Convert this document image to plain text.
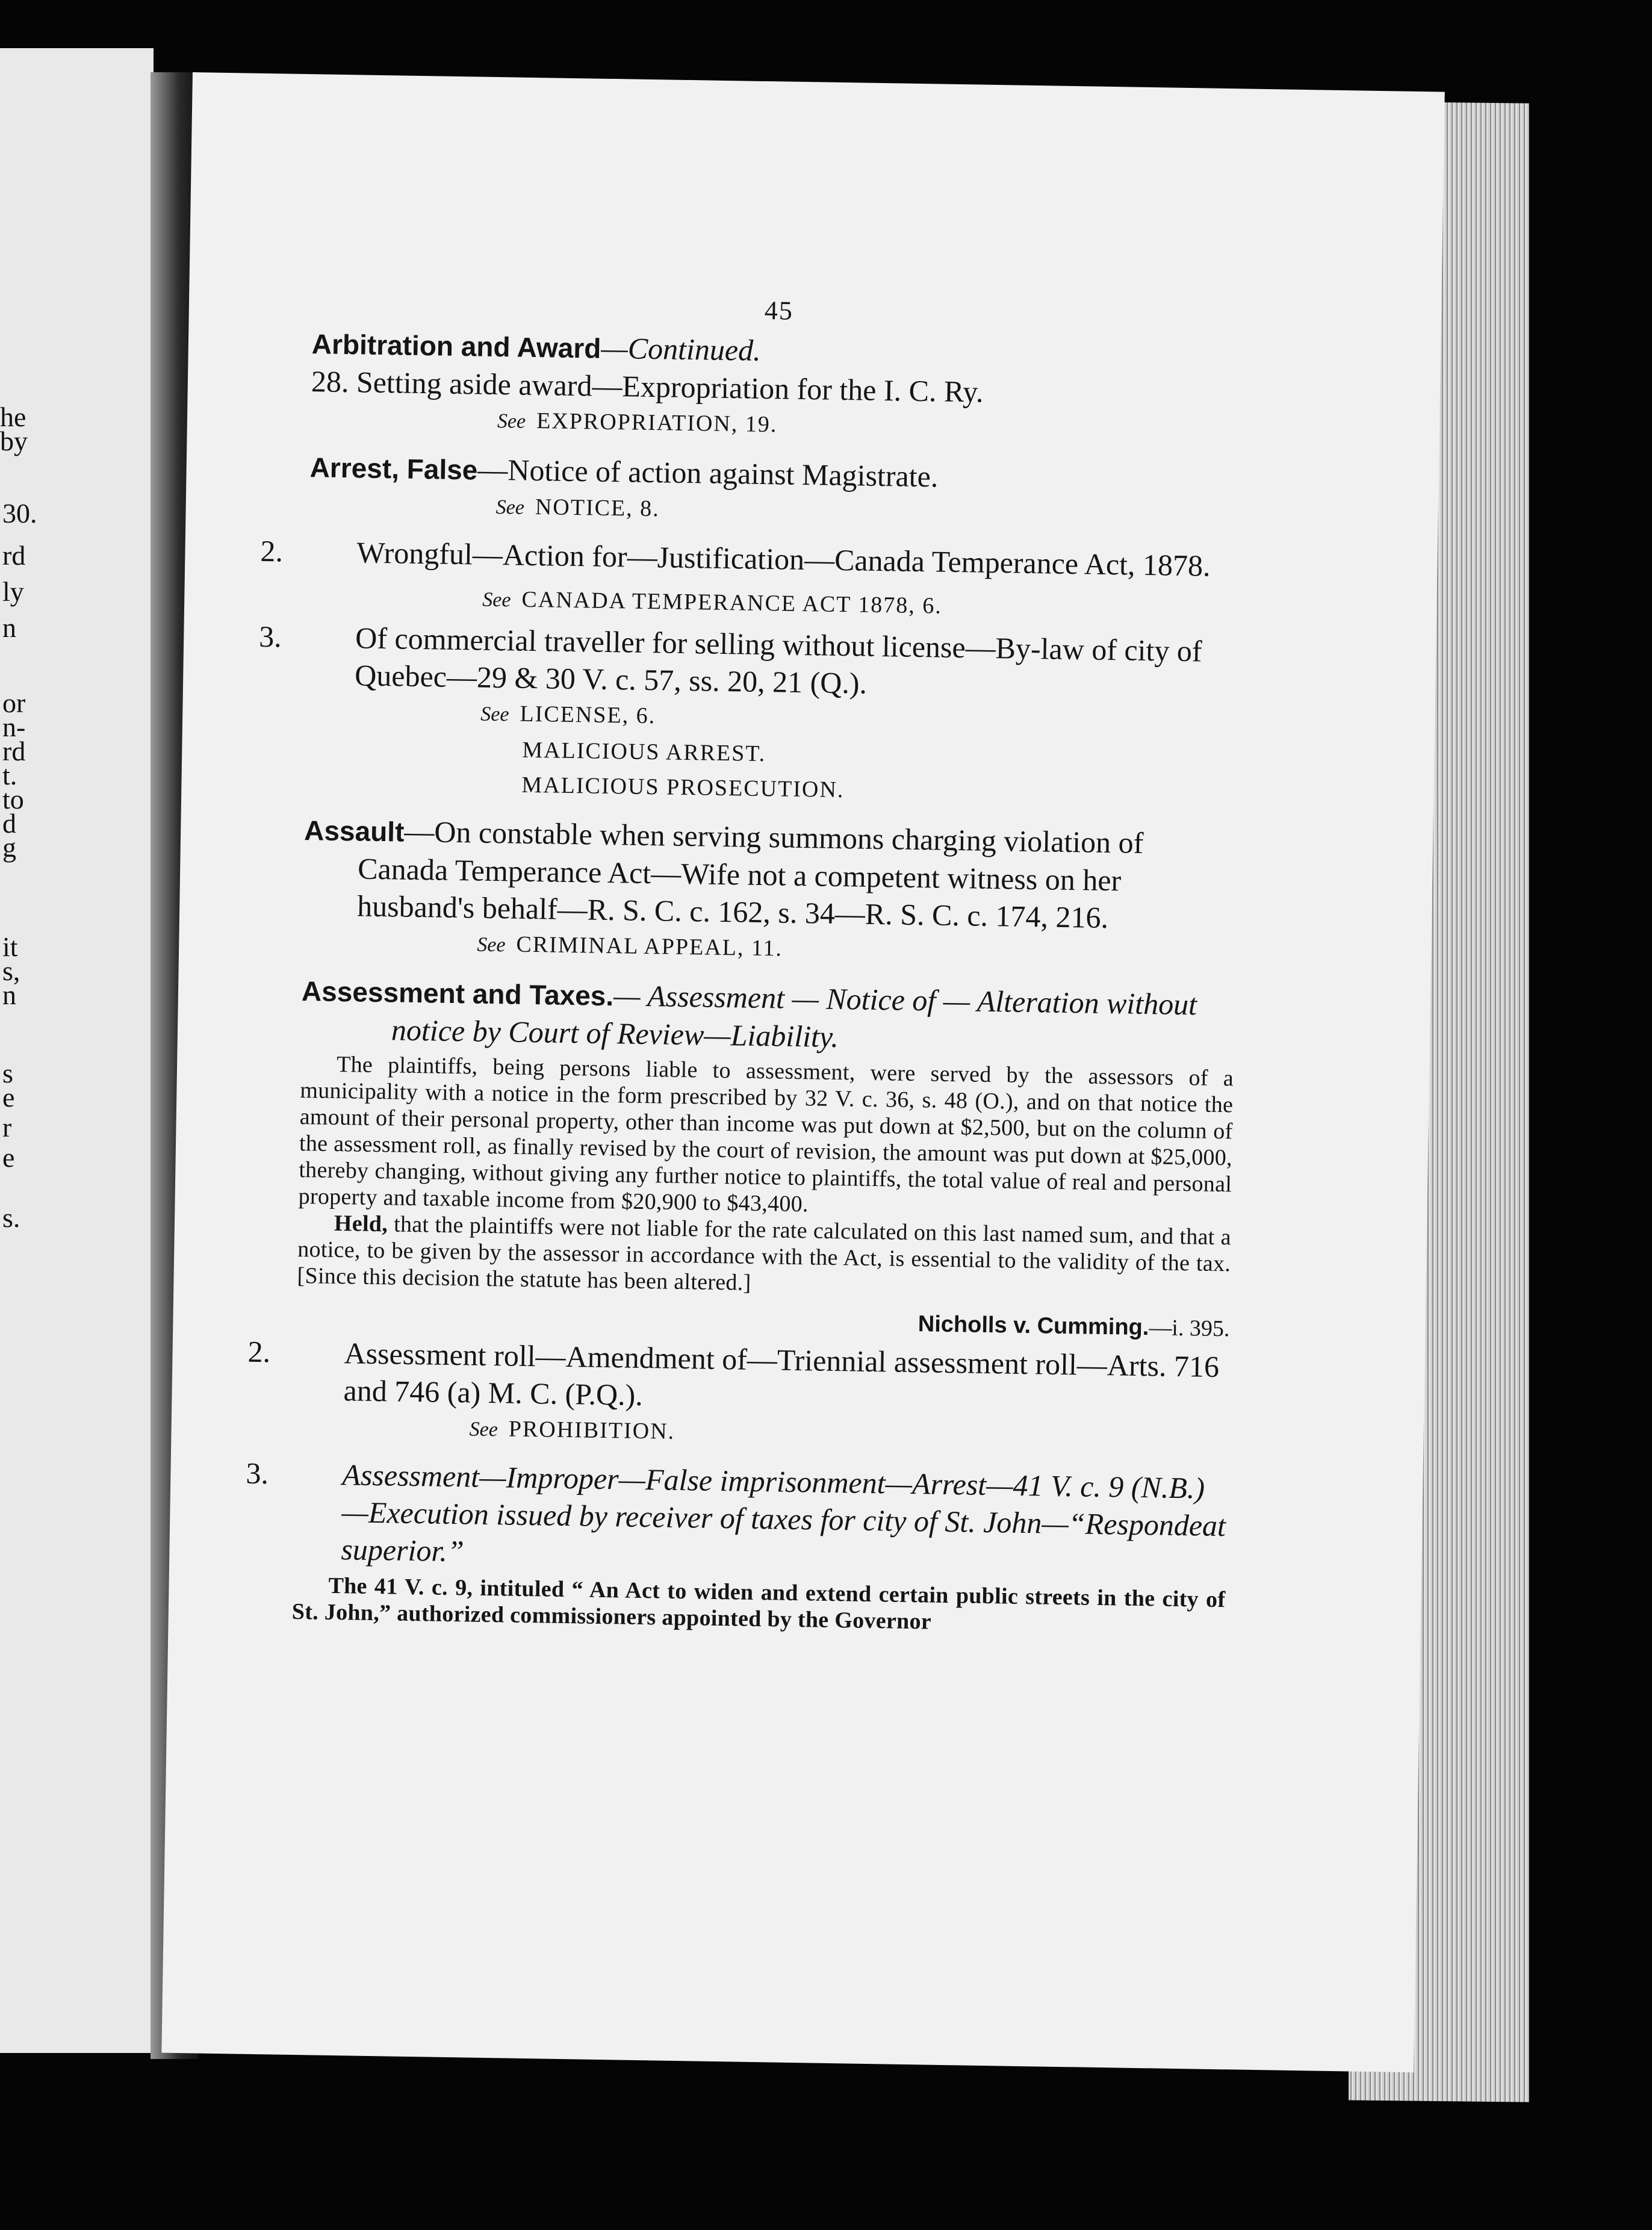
he
by
30.
rd
ly
n
or
n-
rd
t.
to
d
g
it
s,
n
s
e
r
e
s.
45
Arbitration and Award—Continued.
28. Setting aside award—Expropriation for the I. C. Ry.
See EXPROPRIATION, 19.
Arrest, False—Notice of action against Magistrate.
See NOTICE, 8.
2. Wrongful—Action for—Justification—Canada Temperance Act, 1878.
See CANADA TEMPERANCE ACT 1878, 6.
3. Of commercial traveller for selling without license—By-law of city of Quebec—29 & 30 V. c. 57, ss. 20, 21 (Q.).
See LICENSE, 6.
MALICIOUS ARREST.
MALICIOUS PROSECUTION.
Assault—On constable when serving summons charging violation of Canada Temperance Act—Wife not a competent witness on her husband's behalf—R. S. C. c. 162, s. 34—R. S. C. c. 174, 216.
See CRIMINAL APPEAL, 11.
Assessment and Taxes.— Assessment — Notice of — Alteration without notice by Court of Review—Liability.
The plaintiffs, being persons liable to assessment, were served by the assessors of a municipality with a notice in the form prescribed by 32 V. c. 36, s. 48 (O.), and on that notice the amount of their personal property, other than income was put down at $2,500, but on the column of the assessment roll, as finally revised by the court of revision, the amount was put down at $25,000, thereby changing, without giving any further notice to plaintiffs, the total value of real and personal property and taxable income from $20,900 to $43,400.
Held, that the plaintiffs were not liable for the rate calculated on this last named sum, and that a notice, to be given by the assessor in accordance with the Act, is essential to the validity of the tax. [Since this decision the statute has been altered.]
Nicholls v. Cumming.—i. 395.
2. Assessment roll—Amendment of—Triennial assessment roll—Arts. 716 and 746 (a) M. C. (P.Q.).
See PROHIBITION.
3. Assessment—Improper—False imprisonment—Arrest—41 V. c. 9 (N.B.)—Execution issued by receiver of taxes for city of St. John—“Respondeat superior.”
The 41 V. c. 9, intituled “ An Act to widen and extend certain public streets in the city of St. John,” authorized commissioners appointed by the Governor
